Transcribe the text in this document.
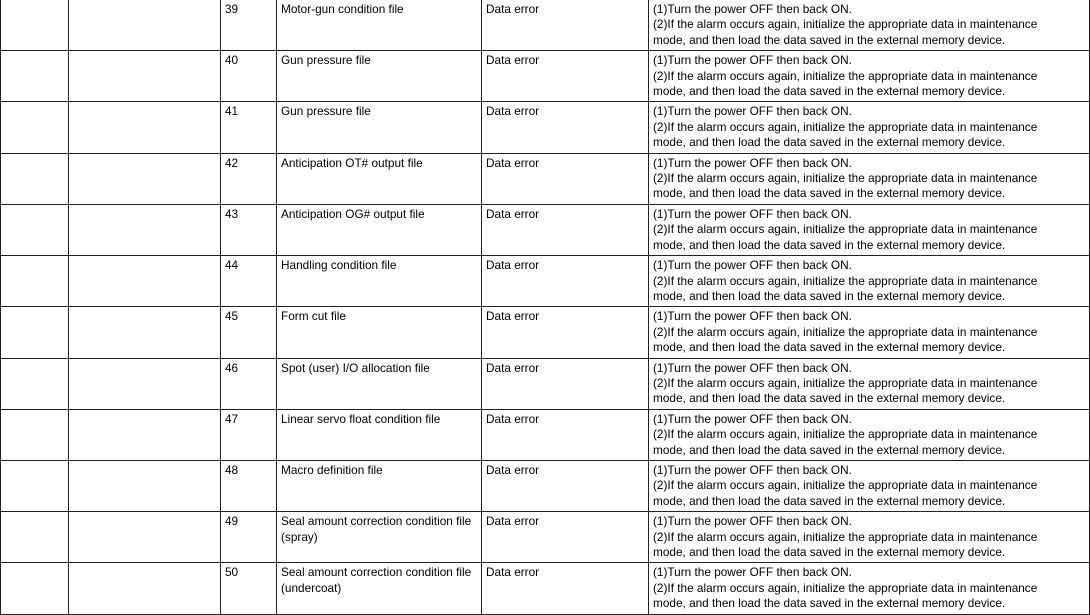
		39	Motor-gun condition file	Data error	(1)Turn the power OFF then back ON.
(2)If the alarm occurs again, initialize the appropriate data in maintenance
mode, and then load the data saved in the external memory device.

		40	Gun pressure file	Data error	(1)Turn the power OFF then back ON.
(2)If the alarm occurs again, initialize the appropriate data in maintenance
mode, and then load the data saved in the external memory device.

		41	Gun pressure file	Data error	(1)Turn the power OFF then back ON.
(2)If the alarm occurs again, initialize the appropriate data in maintenance
mode, and then load the data saved in the external memory device.

		42	Anticipation OT# output file	Data error	(1)Turn the power OFF then back ON.
(2)If the alarm occurs again, initialize the appropriate data in maintenance
mode, and then load the data saved in the external memory device.

		43	Anticipation OG# output file	Data error	(1)Turn the power OFF then back ON.
(2)If the alarm occurs again, initialize the appropriate data in maintenance
mode, and then load the data saved in the external memory device.

		44	Handling condition file	Data error	(1)Turn the power OFF then back ON.
(2)If the alarm occurs again, initialize the appropriate data in maintenance
mode, and then load the data saved in the external memory device.

		45	Form cut file	Data error	(1)Turn the power OFF then back ON.
(2)If the alarm occurs again, initialize the appropriate data in maintenance
mode, and then load the data saved in the external memory device.

		46	Spot (user) I/O allocation file	Data error	(1)Turn the power OFF then back ON.
(2)If the alarm occurs again, initialize the appropriate data in maintenance
mode, and then load the data saved in the external memory device.

		47	Linear servo float condition file	Data error	(1)Turn the power OFF then back ON.
(2)If the alarm occurs again, initialize the appropriate data in maintenance
mode, and then load the data saved in the external memory device.

		48	Macro definition file	Data error	(1)Turn the power OFF then back ON.
(2)If the alarm occurs again, initialize the appropriate data in maintenance
mode, and then load the data saved in the external memory device.

		49	Seal amount correction condition file (spray)	Data error	(1)Turn the power OFF then back ON.
(2)If the alarm occurs again, initialize the appropriate data in maintenance
mode, and then load the data saved in the external memory device.

		50	Seal amount correction condition file (undercoat)	Data error	(1)Turn the power OFF then back ON.
(2)If the alarm occurs again, initialize the appropriate data in maintenance
mode, and then load the data saved in the external memory device.
